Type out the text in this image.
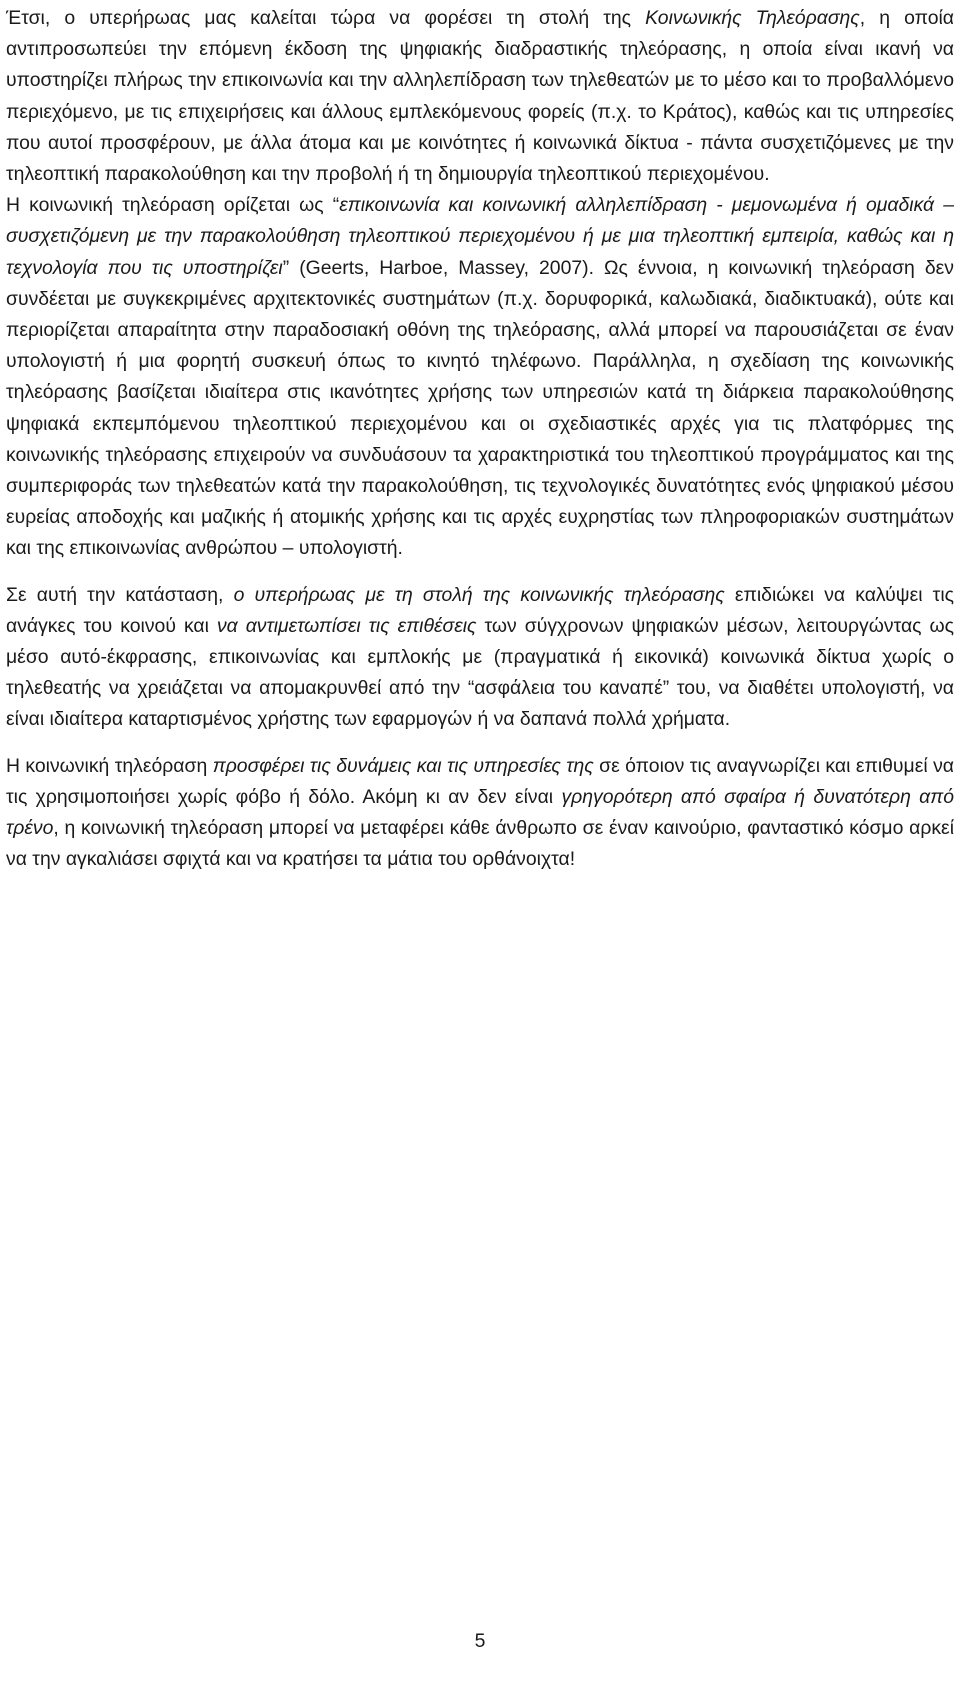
Έτσι, ο υπερήρωας μας καλείται τώρα να φορέσει τη στολή της Κοινωνικής Τηλεόρασης, η οποία αντιπροσωπεύει την επόμενη έκδοση της ψηφιακής διαδραστικής τηλεόρασης, η οποία είναι ικανή να υποστηρίζει πλήρως την επικοινωνία και την αλληλεπίδραση των τηλεθεατών με το μέσο και το προβαλλόμενο περιεχόμενο, με τις επιχειρήσεις και άλλους εμπλεκόμενους φορείς (π.χ. το Κράτος), καθώς και τις υπηρεσίες που αυτοί προσφέρουν, με άλλα άτομα και με κοινότητες ή κοινωνικά δίκτυα - πάντα συσχετιζόμενες με την τηλεοπτική παρακολούθηση και την προβολή ή τη δημιουργία τηλεοπτικού περιεχομένου.

Η κοινωνική τηλεόραση ορίζεται ως “επικοινωνία και κοινωνική αλληλεπίδραση - μεμονωμένα ή ομαδικά – συσχετιζόμενη με την παρακολούθηση τηλεοπτικού περιεχομένου ή με μια τηλεοπτική εμπειρία, καθώς και η τεχνολογία που τις υποστηρίζει” (Geerts, Harboe, Massey, 2007). Ως έννοια, η κοινωνική τηλεόραση δεν συνδέεται με συγκεκριμένες αρχιτεκτονικές συστημάτων (π.χ. δορυφορικά, καλωδιακά, διαδικτυακά), ούτε και περιορίζεται απαραίτητα στην παραδοσιακή οθόνη της τηλεόρασης, αλλά μπορεί να παρουσιάζεται σε έναν υπολογιστή ή μια φορητή συσκευή όπως το κινητό τηλέφωνο. Παράλληλα, η σχεδίαση της κοινωνικής τηλεόρασης βασίζεται ιδιαίτερα στις ικανότητες χρήσης των υπηρεσιών κατά τη διάρκεια παρακολούθησης ψηφιακά εκπεμπόμενου τηλεοπτικού περιεχομένου και οι σχεδιαστικές αρχές για τις πλατφόρμες της κοινωνικής τηλεόρασης επιχειρούν να συνδυάσουν τα χαρακτηριστικά του τηλεοπτικού προγράμματος και της συμπεριφοράς των τηλεθεατών κατά την παρακολούθηση, τις τεχνολογικές δυνατότητες ενός ψηφιακού μέσου ευρείας αποδοχής και μαζικής ή ατομικής χρήσης και τις αρχές ευχρηστίας των πληροφοριακών συστημάτων και της επικοινωνίας ανθρώπου – υπολογιστή.

Σε αυτή την κατάσταση, ο υπερήρωας με τη στολή της κοινωνικής τηλεόρασης επιδιώκει να καλύψει τις ανάγκες του κοινού και να αντιμετωπίσει τις επιθέσεις των σύγχρονων ψηφιακών μέσων, λειτουργώντας ως μέσο αυτό-έκφρασης, επικοινωνίας και εμπλοκής με (πραγματικά ή εικονικά) κοινωνικά δίκτυα χωρίς ο τηλεθεατής να χρειάζεται να απομακρυνθεί από την “ασφάλεια του καναπέ” του, να διαθέτει υπολογιστή, να είναι ιδιαίτερα καταρτισμένος χρήστης των εφαρμογών ή να δαπανά πολλά χρήματα.

Η κοινωνική τηλεόραση προσφέρει τις δυνάμεις και τις υπηρεσίες της σε όποιον τις αναγνωρίζει και επιθυμεί να τις χρησιμοποιήσει χωρίς φόβο ή δόλο. Ακόμη κι αν δεν είναι γρηγορότερη από σφαίρα ή δυνατότερη από τρένο, η κοινωνική τηλεόραση μπορεί να μεταφέρει κάθε άνθρωπο σε έναν καινούριο, φανταστικό κόσμο αρκεί να την αγκαλιάσει σφιχτά και να κρατήσει τα μάτια του ορθάνοιχτα!

5
